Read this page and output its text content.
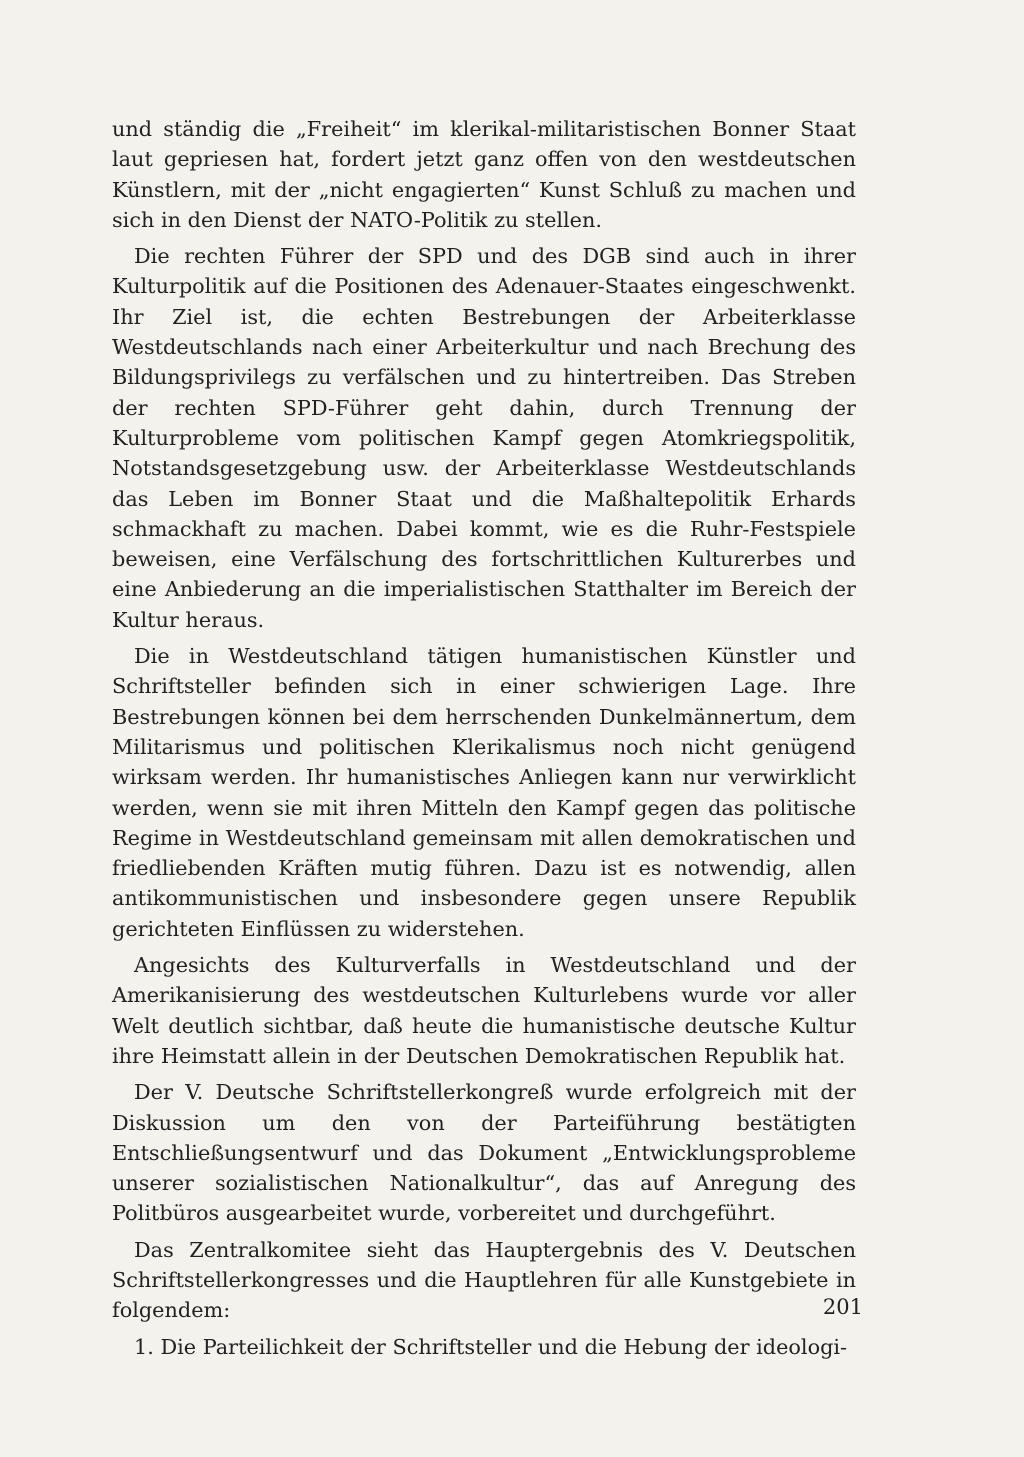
und ständig die „Freiheit“ im klerikal-militaristischen Bonner Staat laut gepriesen hat, fordert jetzt ganz offen von den westdeutschen Künstlern, mit der „nicht engagierten“ Kunst Schluß zu machen und sich in den Dienst der NATO-Politik zu stellen.

Die rechten Führer der SPD und des DGB sind auch in ihrer Kulturpolitik auf die Positionen des Adenauer-Staates eingeschwenkt. Ihr Ziel ist, die echten Bestrebungen der Arbeiterklasse Westdeutschlands nach einer Arbeiterkultur und nach Brechung des Bildungsprivilegs zu verfälschen und zu hintertreiben. Das Streben der rechten SPD-Führer geht dahin, durch Trennung der Kulturprobleme vom politischen Kampf gegen Atomkriegspolitik, Notstandsgesetzgebung usw. der Arbeiterklasse Westdeutschlands das Leben im Bonner Staat und die Maßhaltepolitik Erhards schmackhaft zu machen. Dabei kommt, wie es die Ruhr-Festspiele beweisen, eine Verfälschung des fortschrittlichen Kulturerbes und eine Anbiederung an die imperialistischen Statthalter im Bereich der Kultur heraus.

Die in Westdeutschland tätigen humanistischen Künstler und Schriftsteller befinden sich in einer schwierigen Lage. Ihre Bestrebungen können bei dem herrschenden Dunkelmännertum, dem Militarismus und politischen Klerikalismus noch nicht genügend wirksam werden. Ihr humanistisches Anliegen kann nur verwirklicht werden, wenn sie mit ihren Mitteln den Kampf gegen das politische Regime in Westdeutschland gemeinsam mit allen demokratischen und friedliebenden Kräften mutig führen. Dazu ist es notwendig, allen antikommunistischen und insbesondere gegen unsere Republik gerichteten Einflüssen zu widerstehen.

Angesichts des Kulturverfalls in Westdeutschland und der Amerikanisierung des westdeutschen Kulturlebens wurde vor aller Welt deutlich sichtbar, daß heute die humanistische deutsche Kultur ihre Heimstatt allein in der Deutschen Demokratischen Republik hat.

Der V. Deutsche Schriftstellerkongreß wurde erfolgreich mit der Diskussion um den von der Parteiführung bestätigten Entschließungsentwurf und das Dokument „Entwicklungsprobleme unserer sozialistischen Nationalkultur“, das auf Anregung des Politbüros ausgearbeitet wurde, vorbereitet und durchgeführt.

Das Zentralkomitee sieht das Hauptergebnis des V. Deutschen Schriftstellerkongresses und die Hauptlehren für alle Kunstgebiete in folgendem:

1. Die Parteilichkeit der Schriftsteller und die Hebung der ideologi-

201
